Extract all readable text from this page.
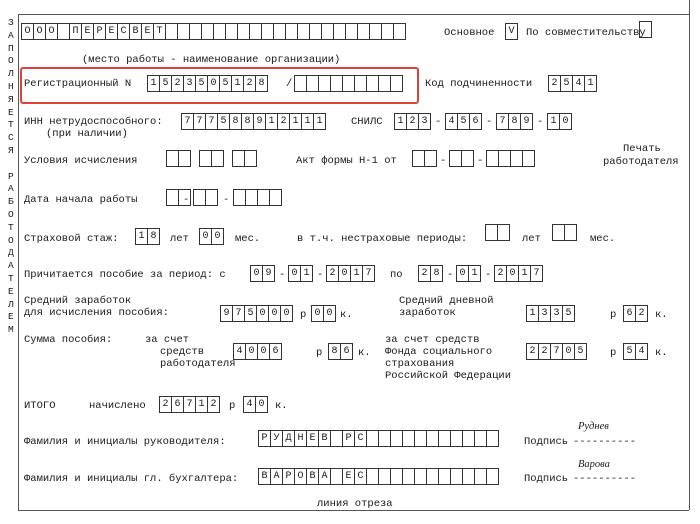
З
А
П
О
Л
Н
Я
Е
Т
С
Я
Р
А
Б
О
Т
О
Д
А
Т
Е
Л
Е
М
О О О	П Е Р Е С В Е Т	Основное	V	По совместительству
(место работы - наименование организации)
Регистрационный N	1 5 2 3 5 0 5 1 2 8	/	Код подчиненности	2 5 4 1
ИНН нетрудоспособного:
(при наличии)
7 7 7 5 8 8 9 1 2 1 1 1	СНИЛС	1 2 3 - 4 5 6 - 7 8 9 - 1 0
Условия исчисления	Акт формы Н-1 от	-	-
Печать
работодателя
Дата начала работы	-	-
Страховой стаж:	1 8	лет	0 0	мес.	в т.ч. нестраховые периоды:	лет	мес.
Причитается пособие за период: с	0 9 - 0 1 - 2 0 1 7	по	2 8 - 0 1 - 2 0 1 7
Средний заработок
для исчисления пособия:	9 7 5 0 0 0	р 0 0 к.
Средний дневной
заработок	1 3 3 5	р	6 2	к.
Сумма пособия:	за счет
средств
работодателя
4 0 0 6	р 8 6 к.
за счет средств
Фонда социального
страхования
Российской Федерации
2 2 7 0 5	р	5 4	к.
ИТОГО	начислено	2 6 7 1 2	р	4 0	к.
Фамилия и инициалы руководителя:	Р У Д Н Е В	Р С	Подпись ----------
Руднев
Фамилия и инициалы гл. бухгалтера:	В А Р О В А	Е С	Подпись ----------
Варова
линия отреза
